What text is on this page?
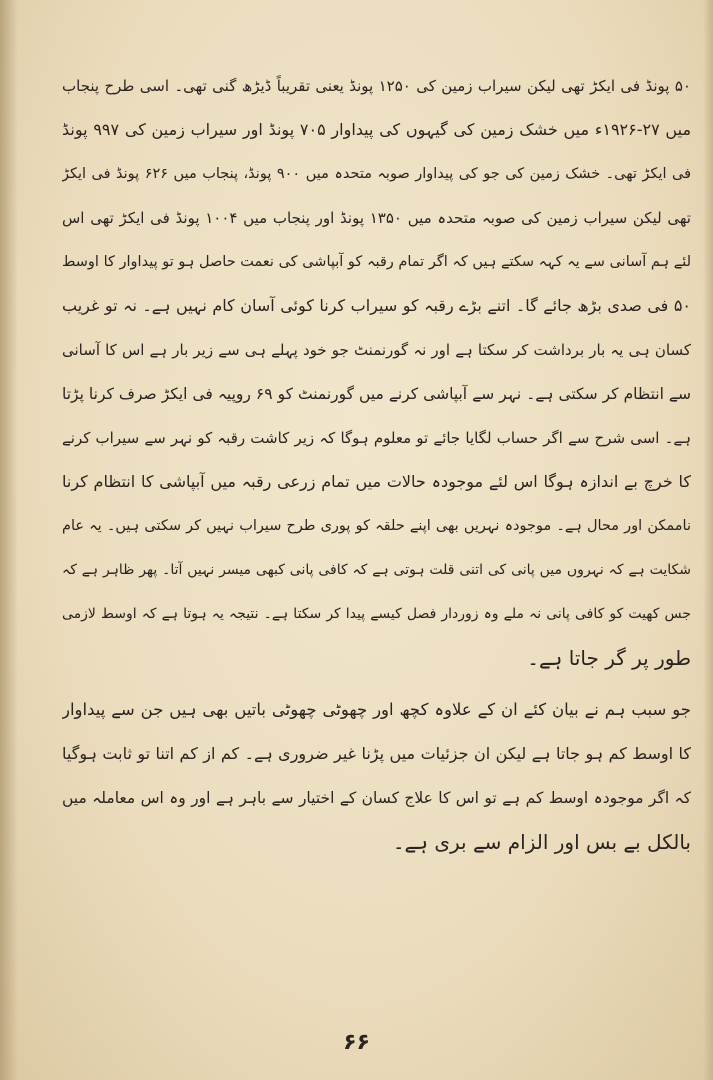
۵۰ پونڈ فی ایکڑ تھی لیکن سیراب زمین کی ۱۲۵۰ پونڈ یعنی تقریباً ڈیڑھ گنی تھی۔ اسی طرح پنجاب
میں ۲۷-۱۹۲۶ء میں خشک زمین کی گیہوں کی پیداوار ۷۰۵ پونڈ اور سیراب زمین کی ۹۹۷ پونڈ
فی ایکڑ تھی۔ خشک زمین کی جو کی پیداوار صوبہ متحدہ میں ۹۰۰ پونڈ، پنجاب میں ۶۲۶ پونڈ فی ایکڑ
تھی لیکن سیراب زمین کی صوبہ متحدہ میں ۱۳۵۰ پونڈ اور پنجاب میں ۱۰۰۴ پونڈ فی ایکڑ تھی اس
لئے ہم آسانی سے یہ کہہ سکتے ہیں کہ اگر تمام رقبہ کو آبپاشی کی نعمت حاصل ہو تو پیداوار کا اوسط
۵۰ فی صدی بڑھ جائے گا۔ اتنے بڑے رقبہ کو سیراب کرنا کوئی آسان کام نہیں ہے۔ نہ تو غریب
کسان ہی یہ بار برداشت کر سکتا ہے اور نہ گورنمنٹ جو خود پہلے ہی سے زیر بار ہے اس کا آسانی
سے انتظام کر سکتی ہے۔ نہر سے آبپاشی کرنے میں گورنمنٹ کو ۶۹ روپیہ فی ایکڑ صرف کرنا پڑتا
ہے۔ اسی شرح سے اگر حساب لگایا جائے تو معلوم ہوگا کہ زیر کاشت رقبہ کو نہر سے سیراب کرنے
کا خرچ بے اندازہ ہوگا اس لئے موجودہ حالات میں تمام زرعی رقبہ میں آبپاشی کا انتظام کرنا
ناممکن اور محال ہے۔ موجودہ نہریں بھی اپنے حلقہ کو پوری طرح سیراب نہیں کر سکتی ہیں۔ یہ عام
شکایت ہے کہ نہروں میں پانی کی اتنی قلت ہوتی ہے کہ کافی پانی کبھی میسر نہیں آتا۔ پھر ظاہر ہے کہ
جس کھیت کو کافی پانی نہ ملے وہ زوردار فصل کیسے پیدا کر سکتا ہے۔ نتیجہ یہ ہوتا ہے کہ اوسط لازمی
طور پر گر جاتا ہے۔
جو سبب ہم نے بیان کئے ان کے علاوہ کچھ اور چھوٹی چھوٹی باتیں بھی ہیں جن سے پیداوار
کا اوسط کم ہو جاتا ہے لیکن ان جزئیات میں پڑنا غیر ضروری ہے۔ کم از کم اتنا تو ثابت ہوگیا
کہ اگر موجودہ اوسط کم ہے تو اس کا علاج کسان کے اختیار سے باہر ہے اور وہ اس معاملہ میں
بالکل بے بس اور الزام سے بری ہے۔
۶۶
